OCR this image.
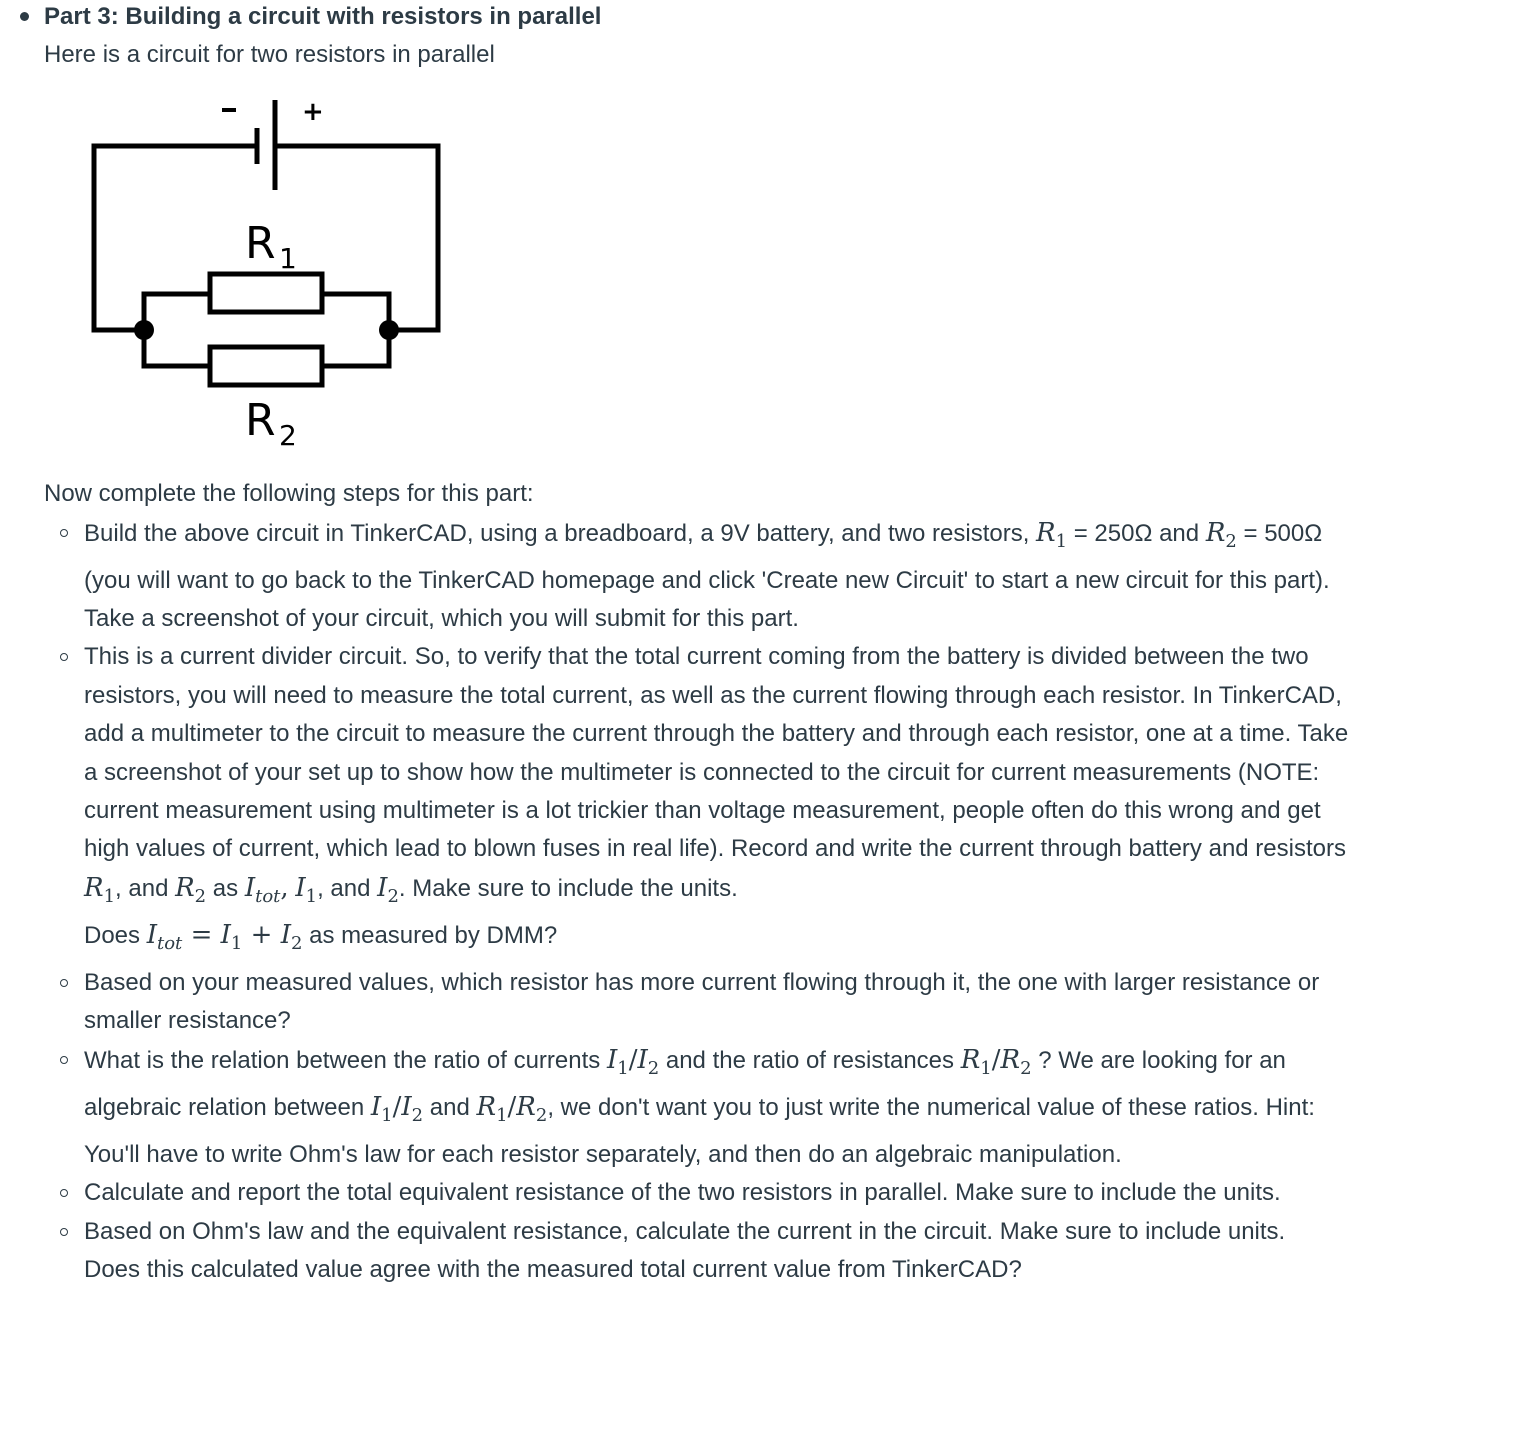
Part 3: Building a circuit with resistors in parallel
Here is a circuit for two resistors in parallel
+
R 1
R 2
-
Now complete the following steps for this part:
Build the above circuit in TinkerCAD, using a breadboard, a 9V battery, and two resistors, $R_1 = 250\Omega$ and $R_2 = 500\Omega$ (you will want to go back to the TinkerCAD homepage and click 'Create new Circuit' to start a new circuit for this part). Take a screenshot of your circuit, which you will submit for this part.
This is a current divider circuit. So, to verify that the total current coming from the battery is divided between the two resistors, you will need to measure the total current, as well as the current flowing through each resistor. In TinkerCAD, add a multimeter to the circuit to measure the current through the battery and through each resistor, one at a time. Take a screenshot of your set up to show how the multimeter is connected to the circuit for current measurements (NOTE: current measurement using multimeter is a lot trickier than voltage measurement, people often do this wrong and get high values of current, which lead to blown fuses in real life). Record and write the current through battery and resistors $R_1$, and $R_2$ as $I_{tot}$, $I_1$, and $I_2$. Make sure to include the units.
Does $I_{tot} = I_1 + I_2$ as measured by DMM?
Based on your measured values, which resistor has more current flowing through it, the one with larger resistance or smaller resistance?
What is the relation between the ratio of currents $I_1/I_2$ and the ratio of resistances $R_1/R_2$ ? We are looking for an algebraic relation between $I_1/I_2$ and $R_1/R_2$, we don't want you to just write the numerical value of these ratios. Hint: You'll have to write Ohm's law for each resistor separately, and then do an algebraic manipulation.
Calculate and report the total equivalent resistance of the two resistors in parallel. Make sure to include the units.
Based on Ohm's law and the equivalent resistance, calculate the current in the circuit. Make sure to include units.
Does this calculated value agree with the measured total current value from TinkerCAD?
